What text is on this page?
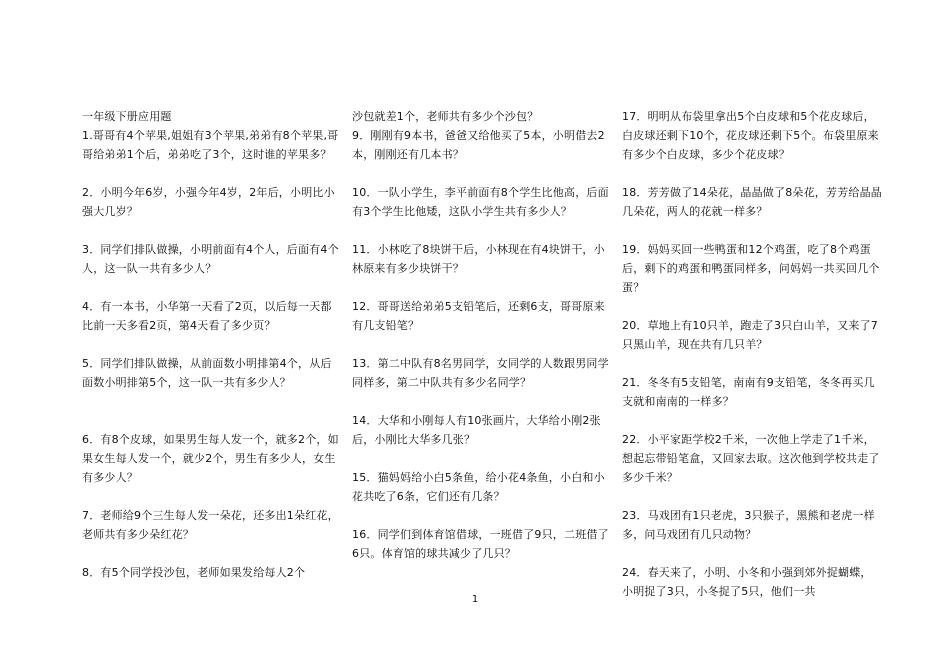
一年级下册应用题

1.哥哥有4个苹果,姐姐有3个苹果,弟弟有8个苹果,哥哥给弟弟1个后，弟弟吃了3个，这时谁的苹果多？

2．小明今年6岁，小强今年4岁，2年后，小明比小强大几岁？

3．同学们排队做操，小明前面有4个人，后面有4个人，这一队一共有多少人？

4．有一本书，小华第一天看了2页，以后每一天都比前一天多看2页，第4天看了多少页？

5．同学们排队做操，从前面数小明排第4个，从后面数小明排第5个，这一队一共有多少人？

6．有8个皮球，如果男生每人发一个，就多2个，如果女生每人发一个，就少2个，男生有多少人，女生有多少人？

7．老师给9个三生每人发一朵花，还多出1朵红花，老师共有多少朵红花？

8．有5个同学投沙包，老师如果发给每人2个

沙包就差1个，老师共有多少个沙包？

9．刚刚有9本书，爸爸又给他买了5本，小明借去2本，刚刚还有几本书？

10．一队小学生，李平前面有8个学生比他高，后面有3个学生比他矮，这队小学生共有多少人？

11．小林吃了8块饼干后，小林现在有4块饼干，小林原来有多少块饼干？

12．哥哥送给弟弟5支铅笔后，还剩6支，哥哥原来有几支铅笔？

13．第二中队有8名男同学，女同学的人数跟男同学同样多，第二中队共有多少名同学？

14．大华和小刚每人有10张画片，大华给小刚2张后，小刚比大华多几张？

15．猫妈妈给小白5条鱼，给小花4条鱼，小白和小花共吃了6条，它们还有几条？

16．同学们到体育馆借球，一班借了9只，二班借了6只。体育馆的球共减少了几只？

17．明明从布袋里拿出5个白皮球和5个花皮球后，白皮球还剩下10个，花皮球还剩下5个。布袋里原来有多少个白皮球，多少个花皮球？

18．芳芳做了14朵花，晶晶做了8朵花，芳芳给晶晶几朵花，两人的花就一样多？

19．妈妈买回一些鸭蛋和12个鸡蛋，吃了8个鸡蛋后，剩下的鸡蛋和鸭蛋同样多，问妈妈一共买回几个蛋？

20．草地上有10只羊，跑走了3只白山羊，又来了7只黑山羊，现在共有几只羊？

21．冬冬有5支铅笔，南南有9支铅笔，冬冬再买几支就和南南的一样多？

22．小平家距学校2千米，一次他上学走了1千米，想起忘带铅笔盒，又回家去取。这次他到学校共走了多少千米？

23．马戏团有1只老虎，3只猴子，黑熊和老虎一样多，问马戏团有几只动物？

24．春天来了，小明、小冬和小强到郊外捉蝴蝶，小明捉了3只，小冬捉了5只，他们一共

1
